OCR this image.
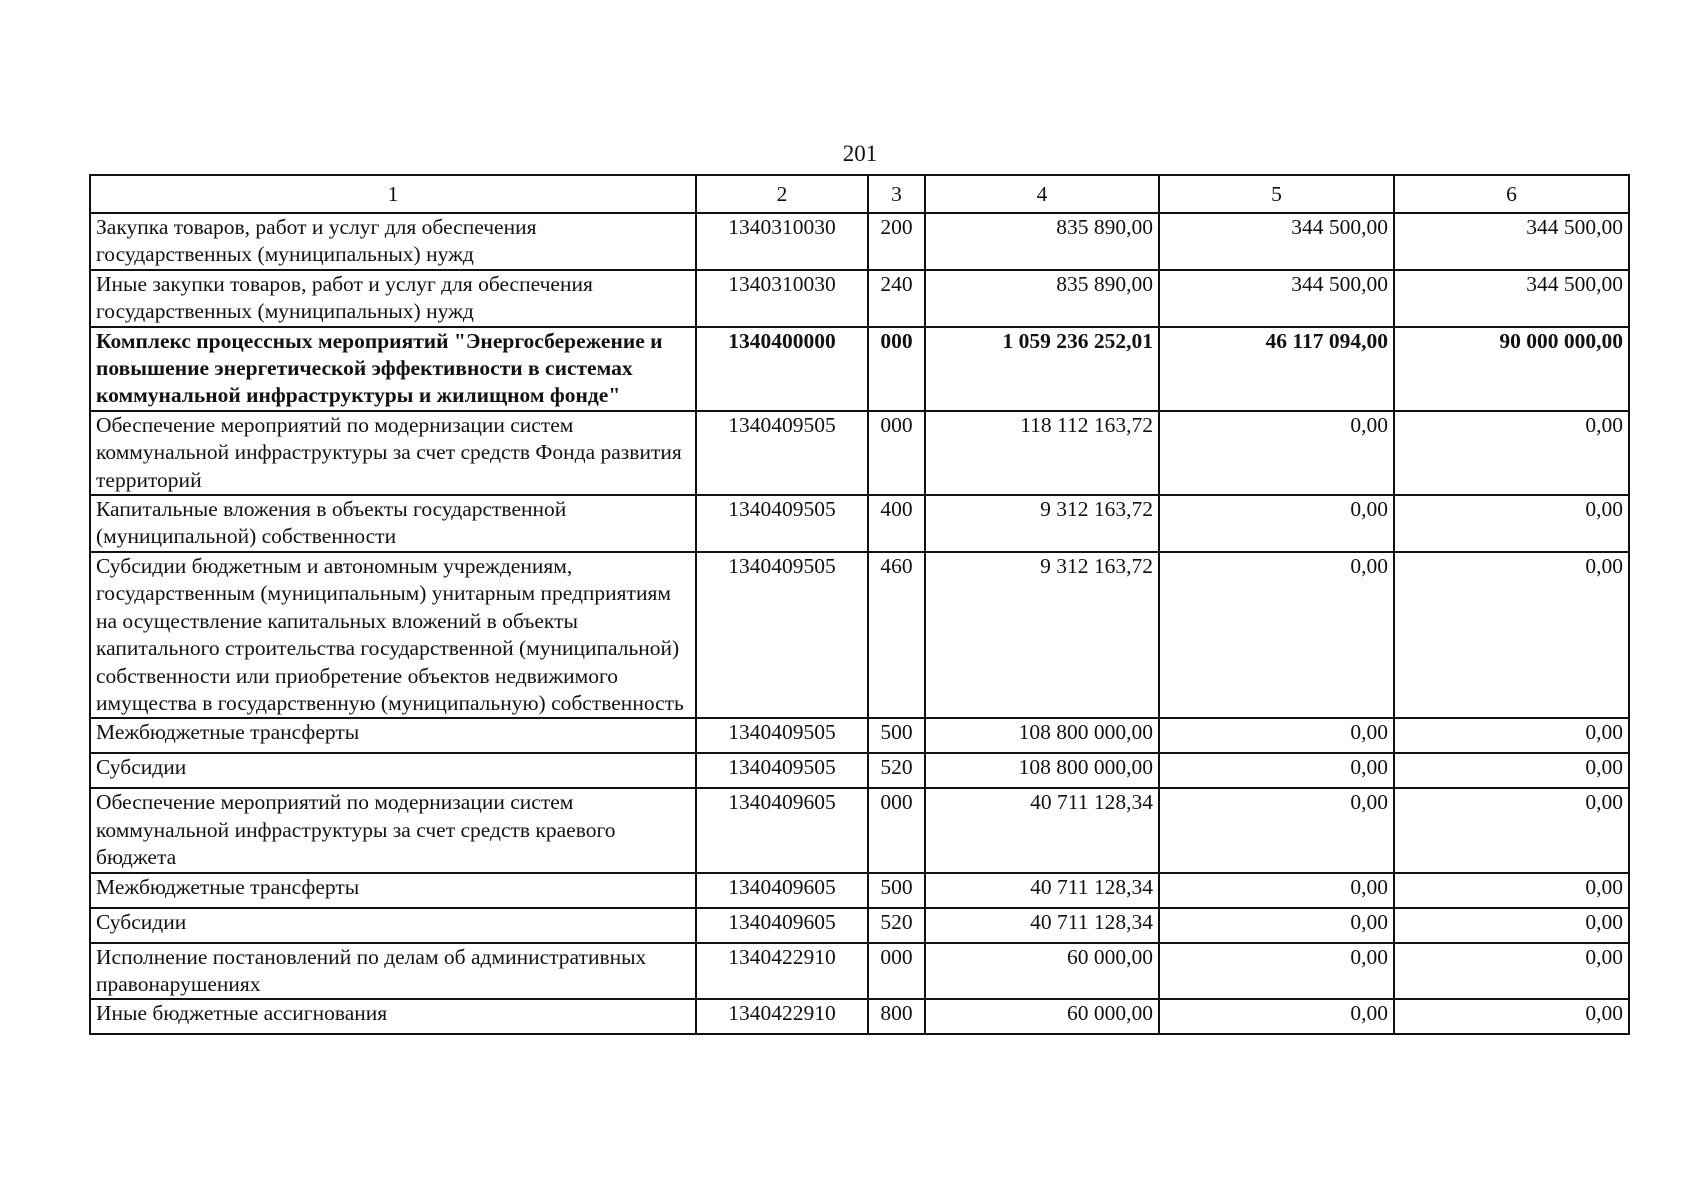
201
1	2	3	4	5	6
Закупка товаров, работ и услуг для обеспечения государственных (муниципальных) нужд	1340310030	200	835 890,00	344 500,00	344 500,00
Иные закупки товаров, работ и услуг для обеспечения государственных (муниципальных) нужд	1340310030	240	835 890,00	344 500,00	344 500,00
Комплекс процессных мероприятий "Энергосбережение и повышение энергетической эффективности в системах коммунальной инфраструктуры и жилищном фонде"	1340400000	000	1 059 236 252,01	46 117 094,00	90 000 000,00
Обеспечение мероприятий по модернизации систем коммунальной инфраструктуры за счет средств Фонда развития территорий	1340409505	000	118 112 163,72	0,00	0,00
Капитальные вложения в объекты государственной (муниципальной) собственности	1340409505	400	9 312 163,72	0,00	0,00
Субсидии бюджетным и автономным учреждениям, государственным (муниципальным) унитарным предприятиям на осуществление капитальных вложений в объекты капитального строительства государственной (муниципальной) собственности или приобретение объектов недвижимого имущества в государственную (муниципальную) собственность	1340409505	460	9 312 163,72	0,00	0,00
Межбюджетные трансферты	1340409505	500	108 800 000,00	0,00	0,00
Субсидии	1340409505	520	108 800 000,00	0,00	0,00
Обеспечение мероприятий по модернизации систем коммунальной инфраструктуры за счет средств краевого бюджета	1340409605	000	40 711 128,34	0,00	0,00
Межбюджетные трансферты	1340409605	500	40 711 128,34	0,00	0,00
Субсидии	1340409605	520	40 711 128,34	0,00	0,00
Исполнение постановлений по делам об административных правонарушениях	1340422910	000	60 000,00	0,00	0,00
Иные бюджетные ассигнования	1340422910	800	60 000,00	0,00	0,00
